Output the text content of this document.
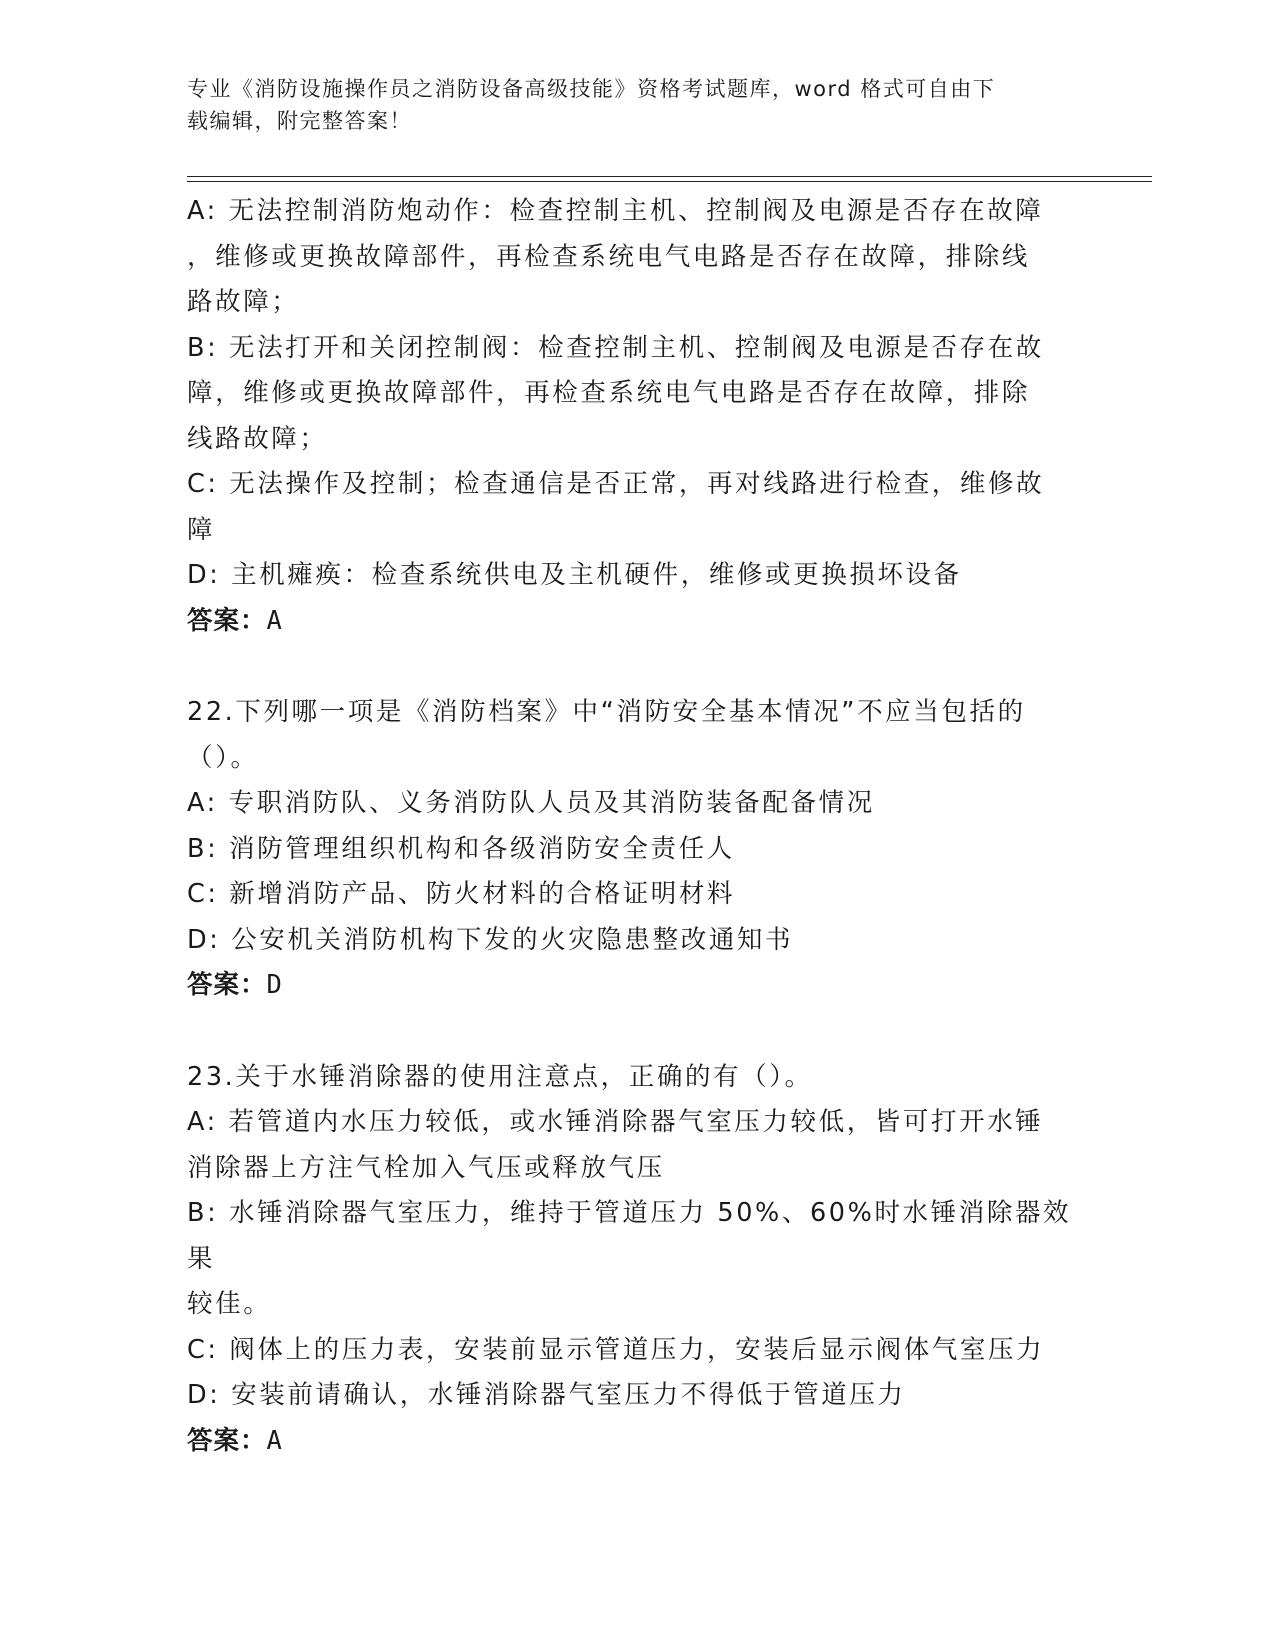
专业《消防设施操作员之消防设备高级技能》资格考试题库，word 格式可自由下
载编辑，附完整答案！
A: 无法控制消防炮动作：检查控制主机、控制阀及电源是否存在故障
，维修或更换故障部件，再检查系统电气电路是否存在故障，排除线
路故障；
B: 无法打开和关闭控制阀：检查控制主机、控制阀及电源是否存在故
障，维修或更换故障部件，再检查系统电气电路是否存在故障，排除
线路故障；
C: 无法操作及控制；检查通信是否正常，再对线路进行检查，维修故
障
D: 主机瘫痪：检查系统供电及主机硬件，维修或更换损坏设备
答案：A
22.下列哪一项是《消防档案》中“消防安全基本情况”不应当包括的
（）。
A: 专职消防队、义务消防队人员及其消防装备配备情况
B: 消防管理组织机构和各级消防安全责任人
C: 新增消防产品、防火材料的合格证明材料
D: 公安机关消防机构下发的火灾隐患整改通知书
答案：D
23.关于水锤消除器的使用注意点，正确的有（）。
A: 若管道内水压力较低，或水锤消除器气室压力较低，皆可打开水锤
消除器上方注气栓加入气压或释放气压
B: 水锤消除器气室压力，维持于管道压力 50%、60%时水锤消除器效果
较佳。
C: 阀体上的压力表，安装前显示管道压力，安装后显示阀体气室压力
D: 安装前请确认，水锤消除器气室压力不得低于管道压力
答案：A
